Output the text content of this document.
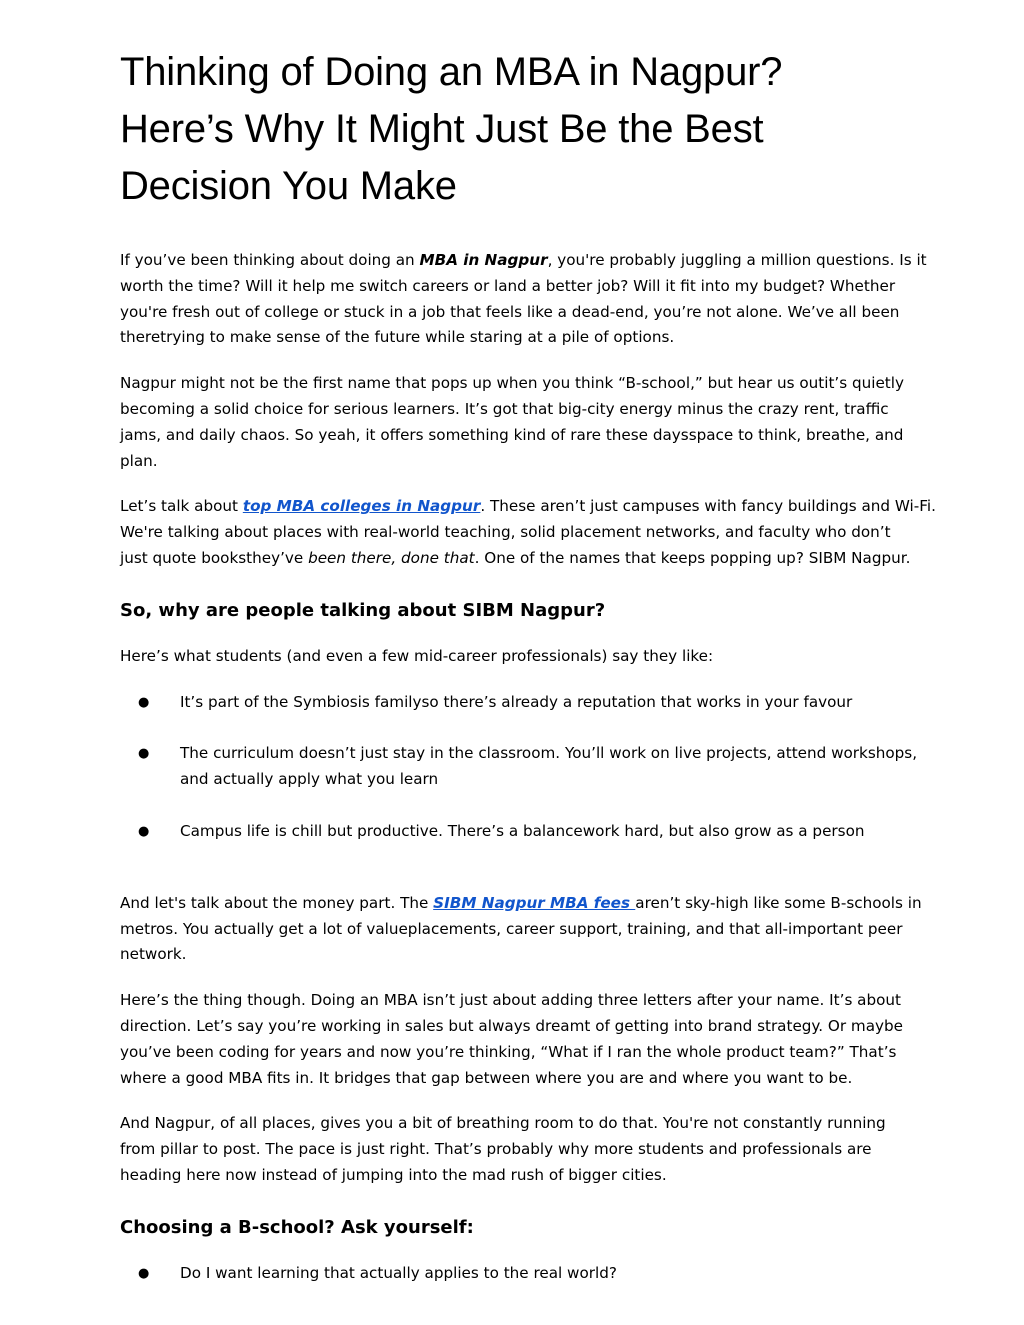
Thinking of Doing an MBA in Nagpur?
Here’s Why It Might Just Be the Best
Decision You Make

If you’ve been thinking about doing an MBA in Nagpur, you're probably juggling a million questions. Is it
worth the time? Will it help me switch careers or land a better job? Will it fit into my budget? Whether
you're fresh out of college or stuck in a job that feels like a dead-end, you’re not alone. We’ve all been
theretrying to make sense of the future while staring at a pile of options.

Nagpur might not be the first name that pops up when you think “B-school,” but hear us outit’s quietly
becoming a solid choice for serious learners. It’s got that big-city energy minus the crazy rent, traffic
jams, and daily chaos. So yeah, it offers something kind of rare these daysspace to think, breathe, and
plan.

Let’s talk about top MBA colleges in Nagpur. These aren’t just campuses with fancy buildings and Wi-Fi.
We're talking about places with real-world teaching, solid placement networks, and faculty who don’t
just quote booksthey’ve been there, done that. One of the names that keeps popping up? SIBM Nagpur.

So, why are people talking about SIBM Nagpur?

Here’s what students (and even a few mid-career professionals) say they like:

● It’s part of the Symbiosis familyso there’s already a reputation that works in your favour
● The curriculum doesn’t just stay in the classroom. You’ll work on live projects, attend workshops,
and actually apply what you learn
● Campus life is chill but productive. There’s a balancework hard, but also grow as a person

And let's talk about the money part. The SIBM Nagpur MBA fees aren’t sky-high like some B-schools in
metros. You actually get a lot of valueplacements, career support, training, and that all-important peer
network.

Here’s the thing though. Doing an MBA isn’t just about adding three letters after your name. It’s about
direction. Let’s say you’re working in sales but always dreamt of getting into brand strategy. Or maybe
you’ve been coding for years and now you’re thinking, “What if I ran the whole product team?” That’s
where a good MBA fits in. It bridges that gap between where you are and where you want to be.

And Nagpur, of all places, gives you a bit of breathing room to do that. You're not constantly running
from pillar to post. The pace is just right. That’s probably why more students and professionals are
heading here now instead of jumping into the mad rush of bigger cities.

Choosing a B-school? Ask yourself:
● Do I want learning that actually applies to the real world?
